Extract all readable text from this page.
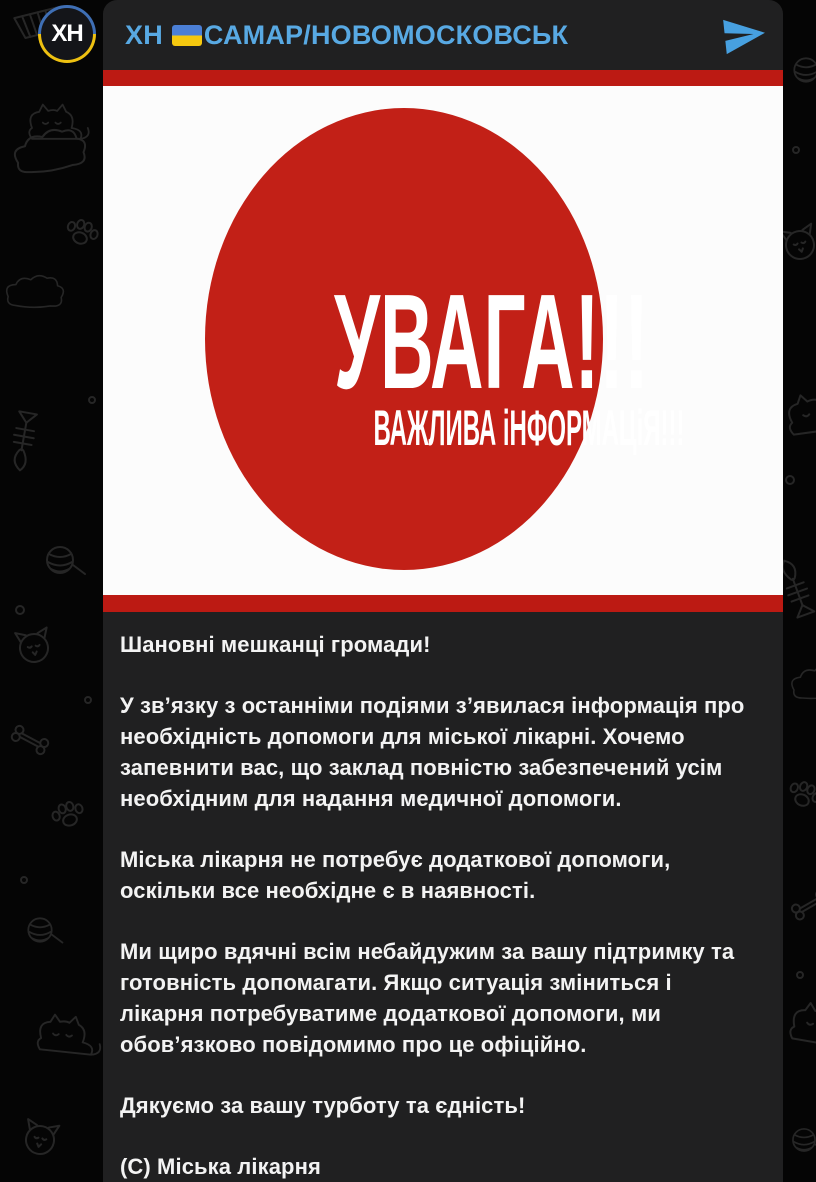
ХН	ХН САМАР/НОВОМОСКОВСЬК
УВАГА!!!
ВАЖЛИВА іНФОРМАЦіЯ!!!

Шановні мешканці громади!

У зв’язку з останніми подіями з’явилася інформація про необхідність допомоги для міської лікарні. Хочемо запевнити вас, що заклад повністю забезпечений усім необхідним для надання медичної допомоги.

Міська лікарня не потребує додаткової допомоги, оскільки все необхідне є в наявності.

Ми щиро вдячні всім небайдужим за вашу підтримку та готовність допомагати. Якщо ситуація зміниться і лікарня потребуватиме додаткової допомоги, ми обов’язково повідомимо про це офіційно.

Дякуємо за вашу турботу та єдність!

(С) Міська лікарня
